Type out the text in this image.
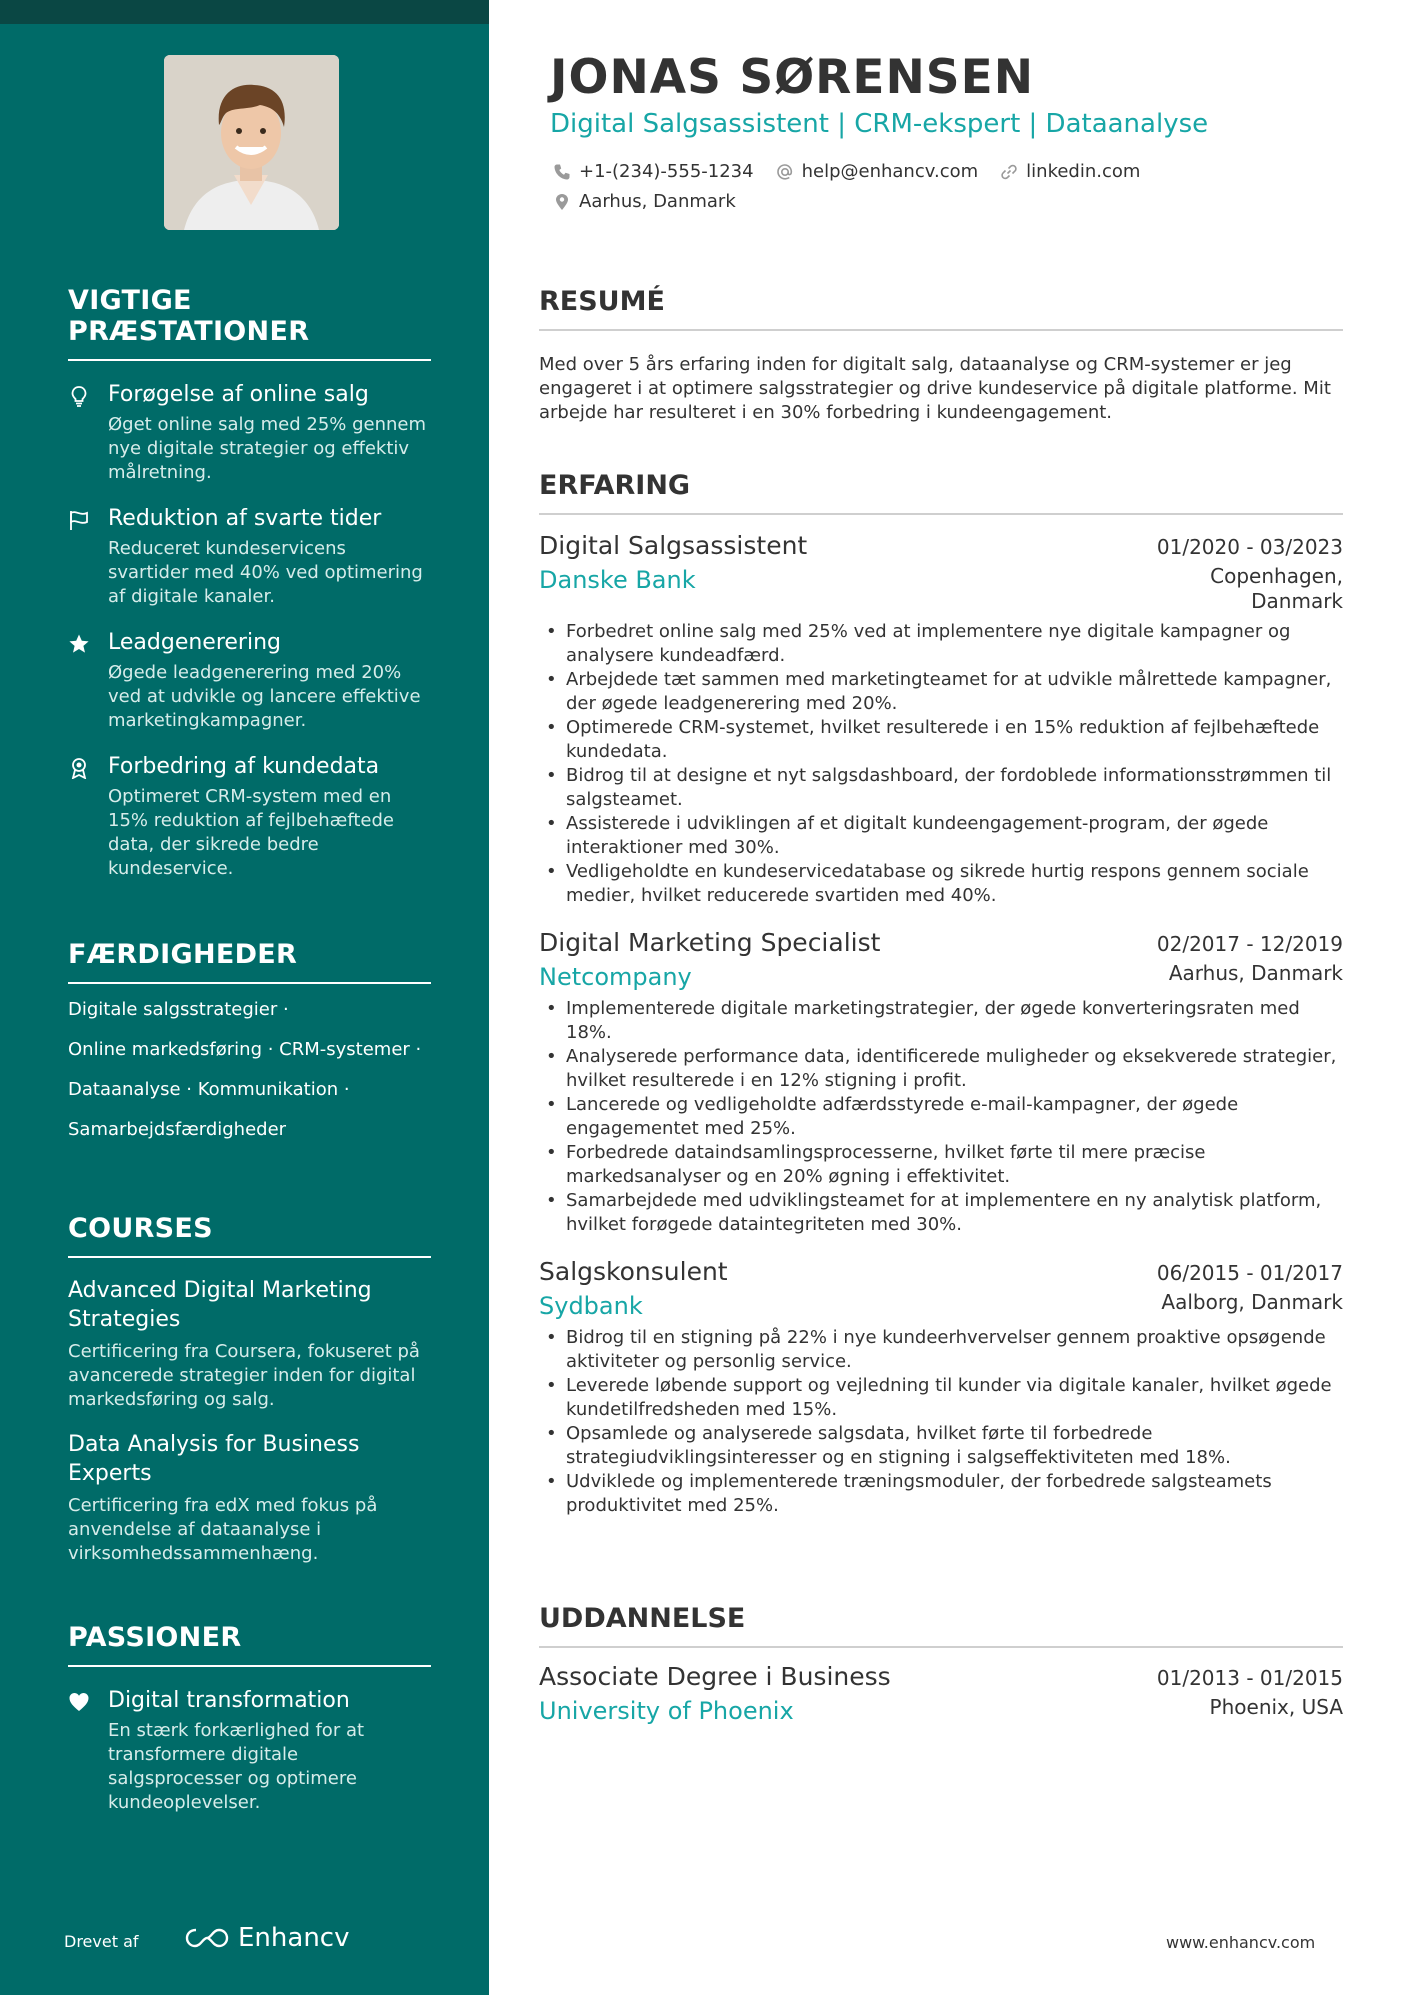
VIGTIGE PRÆSTATIONER
Forøgelse af online salg
Øget online salg med 25% gennem nye digitale strategier og effektiv målretning.
Reduktion af svarte tider
Reduceret kundeservicens svartider med 40% ved optimering af digitale kanaler.
Leadgenerering
Øgede leadgenerering med 20% ved at udvikle og lancere effektive marketingkampagner.
Forbedring af kundedata
Optimeret CRM-system med en 15% reduktion af fejlbehæftede data, der sikrede bedre kundeservice.
FÆRDIGHEDER
Digitale salgsstrategier ·
Online markedsføring · CRM-systemer ·
Dataanalyse · Kommunikation ·
Samarbejdsfærdigheder
COURSES
Advanced Digital Marketing Strategies
Certificering fra Coursera, fokuseret på avancerede strategier inden for digital markedsføring og salg.
Data Analysis for Business Experts
Certificering fra edX med fokus på anvendelse af dataanalyse i virksomhedssammenhæng.
PASSIONER
Digital transformation
En stærk forkærlighed for at transformere digitale salgsprocesser og optimere kundeoplevelser.
Drevet af	Enhancv
JONAS SØRENSEN
Digital Salgsassistent | CRM-ekspert | Dataanalyse
+1-(234)-555-1234	help@enhancv.com	linkedin.com
Aarhus, Danmark
RESUMÉ

Med over 5 års erfaring inden for digitalt salg, dataanalyse og CRM-systemer er jeg engageret i at optimere salgsstrategier og drive kundeservice på digitale platforme. Mit arbejde har resulteret i en 30% forbedring i kundeengagement.

ERFARING
Digital Salgsassistent	01/2020 - 03/2023
Danske Bank	Copenhagen,
Danmark
• Forbedret online salg med 25% ved at implementere nye digitale kampagner og analysere kundeadfærd.
• Arbejdede tæt sammen med marketingteamet for at udvikle målrettede kampagner, der øgede leadgenerering med 20%.
• Optimerede CRM-systemet, hvilket resulterede i en 15% reduktion af fejlbehæftede kundedata.
• Bidrog til at designe et nyt salgsdashboard, der fordoblede informationsstrømmen til salgsteamet.
• Assisterede i udviklingen af et digitalt kundeengagement-program, der øgede interaktioner med 30%.
• Vedligeholdte en kundeservicedatabase og sikrede hurtig respons gennem sociale medier, hvilket reducerede svartiden med 40%.
Digital Marketing Specialist	02/2017 - 12/2019
Netcompany	Aarhus, Danmark
• Implementerede digitale marketingstrategier, der øgede konverteringsraten med 18%.
• Analyserede performance data, identificerede muligheder og eksekverede strategier, hvilket resulterede i en 12% stigning i profit.
• Lancerede og vedligeholdte adfærdsstyrede e-mail-kampagner, der øgede engagementet med 25%.
• Forbedrede dataindsamlingsprocesserne, hvilket førte til mere præcise markedsanalyser og en 20% øgning i effektivitet.
• Samarbejdede med udviklingsteamet for at implementere en ny analytisk platform, hvilket forøgede dataintegriteten med 30%.
Salgskonsulent	06/2015 - 01/2017
Sydbank	Aalborg, Danmark
• Bidrog til en stigning på 22% i nye kundeerhvervelser gennem proaktive opsøgende aktiviteter og personlig service.
• Leverede løbende support og vejledning til kunder via digitale kanaler, hvilket øgede kundetilfredsheden med 15%.
• Opsamlede og analyserede salgsdata, hvilket førte til forbedrede strategiudviklingsinteresser og en stigning i salgseffektiviteten med 18%.
• Udviklede og implementerede træningsmoduler, der forbedrede salgsteamets produktivitet med 25%.
UDDANNELSE
Associate Degree i Business	01/2013 - 01/2015
University of Phoenix	Phoenix, USA
www.enhancv.com
